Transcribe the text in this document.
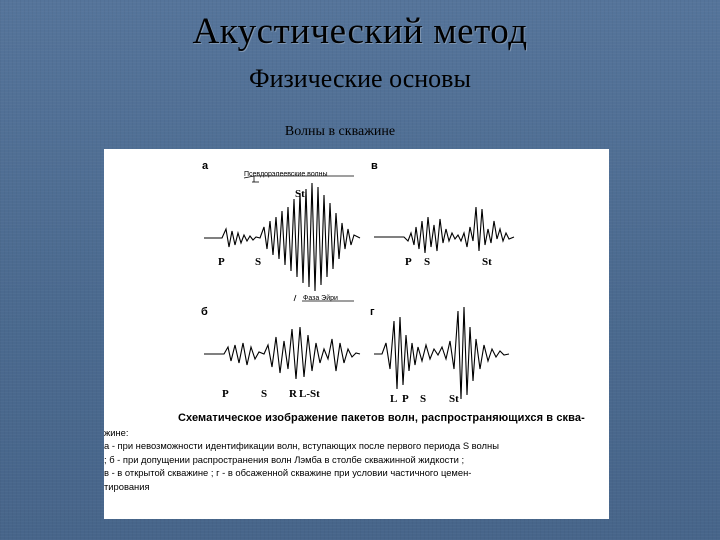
Акустический метод
Физические основы
Волны в скважине
а
Псевдорэлеевские волны
St
P	S
Фаза Эйри
в
P S	St
б
P	S R L-St
г
L P S St
Схематическое изображение пакетов волн, распространяющихся в сква-
жине:
а - при невозможности идентификации волн, вступающих после первого периода S волны
; б - при допущении распространения волн Лэмба в столбе скважинной жидкости ;
в - в открытой скважине ; г - в обсаженной скважине при условии частичного цемен-
тирования
